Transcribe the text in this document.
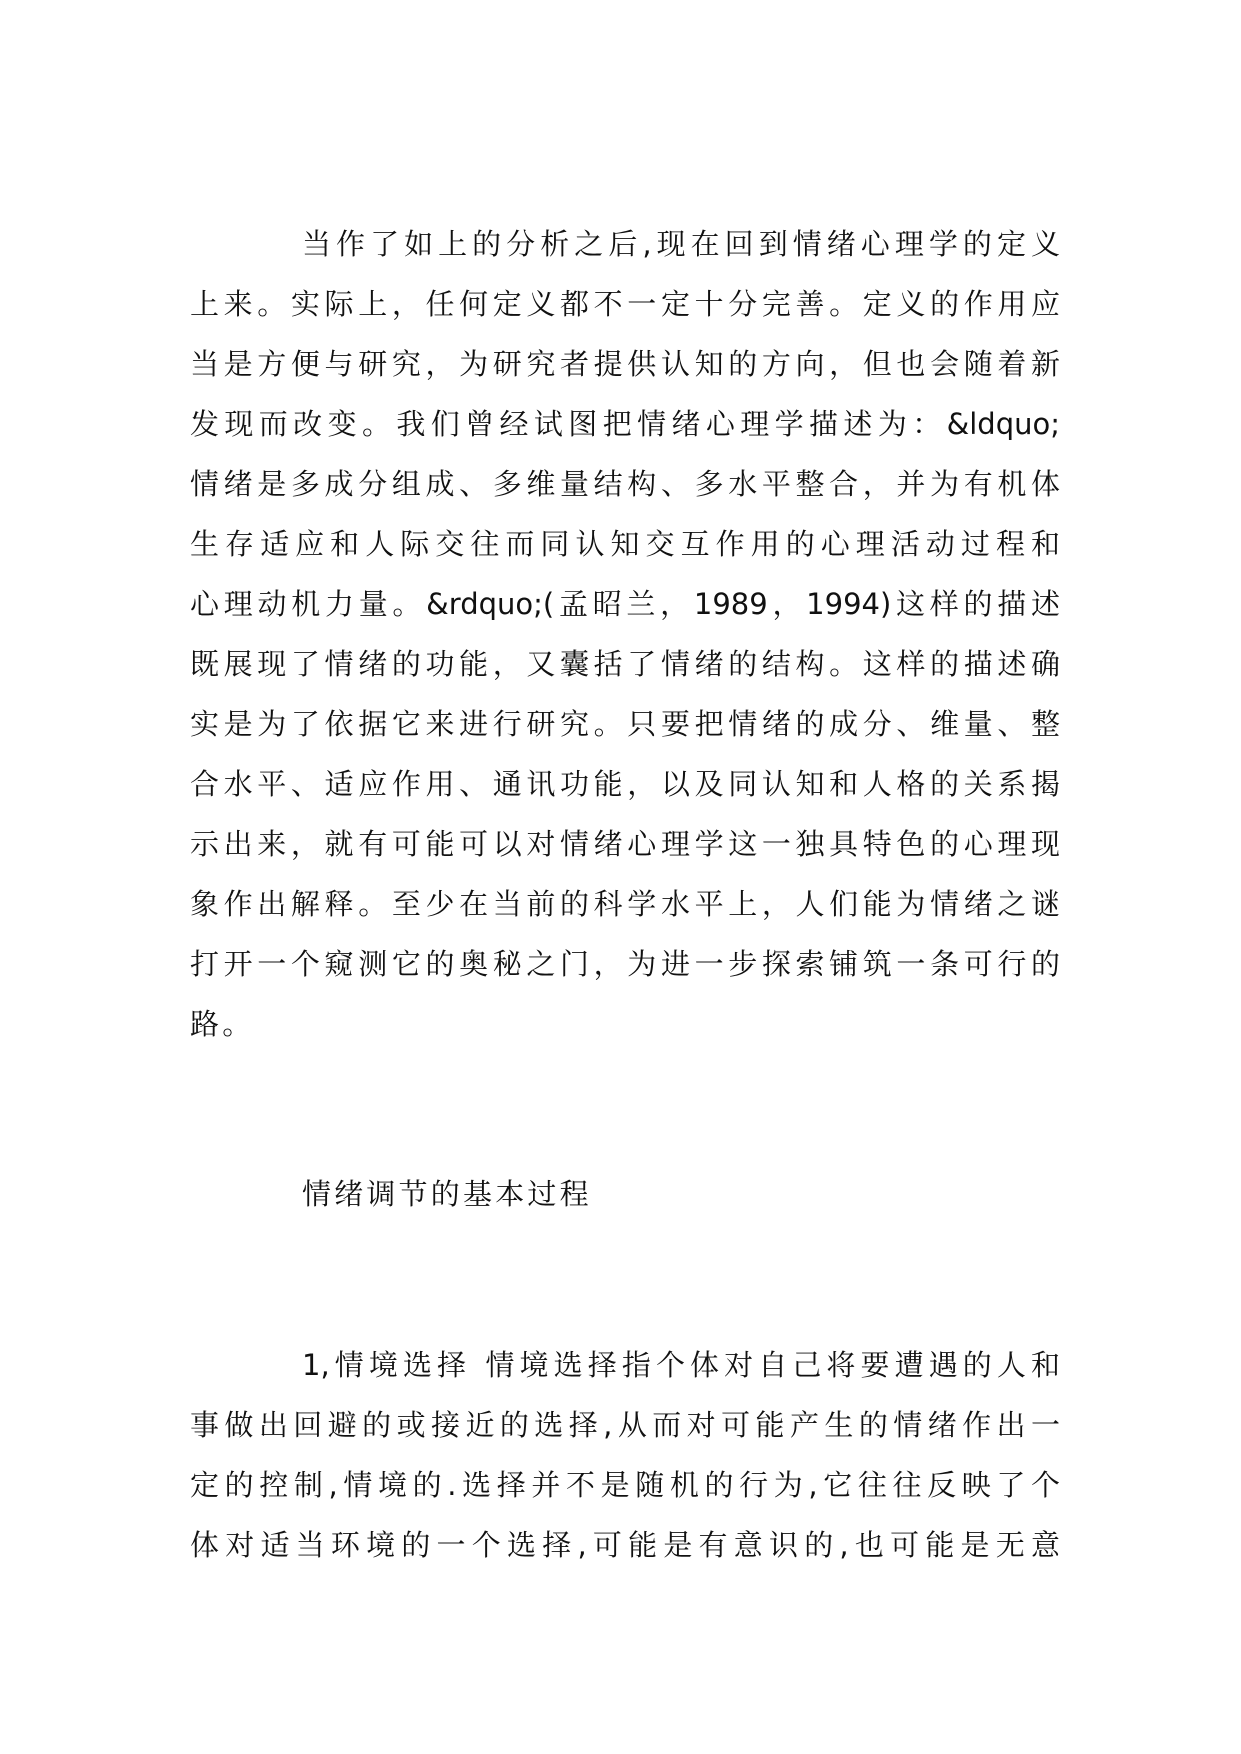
当作了如上的分析之后,现在回到情绪心理学的定义
上来。实际上，任何定义都不一定十分完善。定义的作用应
当是方便与研究，为研究者提供认知的方向，但也会随着新
发现而改变。我们曾经试图把情绪心理学描述为：&ldquo;
情绪是多成分组成、多维量结构、多水平整合，并为有机体
生存适应和人际交往而同认知交互作用的心理活动过程和
心理动机力量。&rdquo;(孟昭兰，1989，1994)这样的描述
既展现了情绪的功能，又囊括了情绪的结构。这样的描述确
实是为了依据它来进行研究。只要把情绪的成分、维量、整
合水平、适应作用、通讯功能，以及同认知和人格的关系揭
示出来，就有可能可以对情绪心理学这一独具特色的心理现
象作出解释。至少在当前的科学水平上，人们能为情绪之谜
打开一个窥测它的奥秘之门，为进一步探索铺筑一条可行的
路。
情绪调节的基本过程
1,情境选择 情境选择指个体对自己将要遭遇的人和
事做出回避的或接近的选择,从而对可能产生的情绪作出一
定的控制,情境的.选择并不是随机的行为,它往往反映了个
体对适当环境的一个选择,可能是有意识的,也可能是无意
